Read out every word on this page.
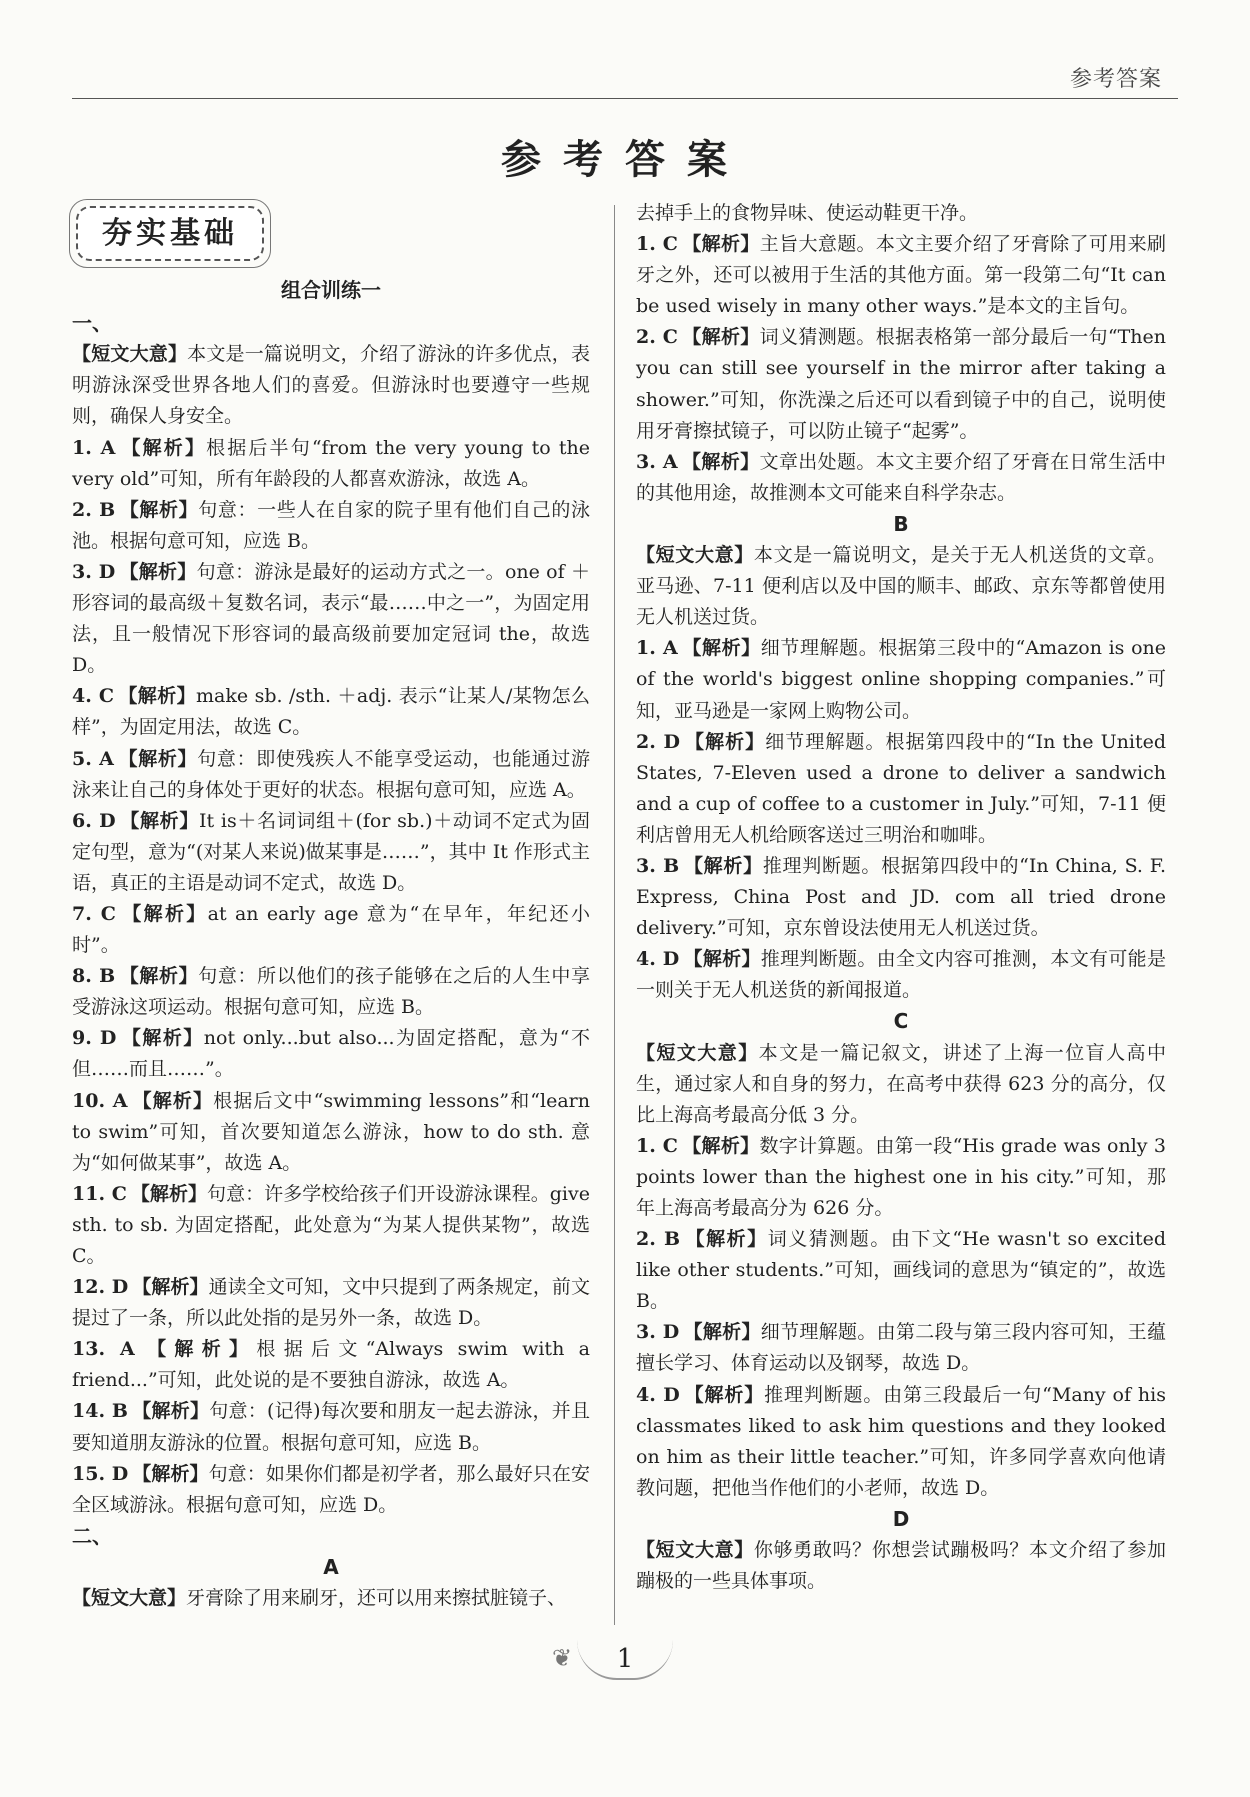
参考答案
参考答案
夯实基础
组合训练一
一、

【短文大意】本文是一篇说明文，介绍了游泳的许多优点，表明游泳深受世界各地人们的喜爱。但游泳时也要遵守一些规则，确保人身安全。

1. A 【解析】根据后半句“from the very young to the very old”可知，所有年龄段的人都喜欢游泳，故选 A。

2. B 【解析】句意：一些人在自家的院子里有他们自己的泳池。根据句意可知，应选 B。

3. D 【解析】句意：游泳是最好的运动方式之一。one of ＋形容词的最高级＋复数名词，表示“最……中之一”，为固定用法，且一般情况下形容词的最高级前要加定冠词 the，故选 D。

4. C 【解析】make sb. /sth. ＋adj. 表示“让某人/某物怎么样”，为固定用法，故选 C。

5. A 【解析】句意：即使残疾人不能享受运动，也能通过游泳来让自己的身体处于更好的状态。根据句意可知，应选 A。

6. D 【解析】It is＋名词词组＋(for sb.)＋动词不定式为固定句型，意为“(对某人来说)做某事是……”，其中 It 作形式主语，真正的主语是动词不定式，故选 D。

7. C 【解析】at an early age 意为“在早年，年纪还小时”。

8. B 【解析】句意：所以他们的孩子能够在之后的人生中享受游泳这项运动。根据句意可知，应选 B。

9. D 【解析】not only...but also...为固定搭配，意为“不但……而且……”。

10. A 【解析】根据后文中“swimming lessons”和“learn to swim”可知，首次要知道怎么游泳，how to do sth. 意为“如何做某事”，故选 A。

11. C 【解析】句意：许多学校给孩子们开设游泳课程。give sth. to sb. 为固定搭配，此处意为“为某人提供某物”，故选 C。

12. D 【解析】通读全文可知，文中只提到了两条规定，前文提过了一条，所以此处指的是另外一条，故选 D。

13. A 【解析】根据后文“Always swim with a friend...”可知，此处说的是不要独自游泳，故选 A。

14. B 【解析】句意：(记得)每次要和朋友一起去游泳，并且要知道朋友游泳的位置。根据句意可知，应选 B。

15. D 【解析】句意：如果你们都是初学者，那么最好只在安全区域游泳。根据句意可知，应选 D。

二、
A

【短文大意】牙膏除了用来刷牙，还可以用来擦拭脏镜子、

去掉手上的食物异味、使运动鞋更干净。

1. C 【解析】主旨大意题。本文主要介绍了牙膏除了可用来刷牙之外，还可以被用于生活的其他方面。第一段第二句“It can be used wisely in many other ways.”是本文的主旨句。

2. C 【解析】词义猜测题。根据表格第一部分最后一句“Then you can still see yourself in the mirror after taking a shower.”可知，你洗澡之后还可以看到镜子中的自己，说明使用牙膏擦拭镜子，可以防止镜子“起雾”。

3. A 【解析】文章出处题。本文主要介绍了牙膏在日常生活中的其他用途，故推测本文可能来自科学杂志。

B

【短文大意】本文是一篇说明文，是关于无人机送货的文章。亚马逊、7-11 便利店以及中国的顺丰、邮政、京东等都曾使用无人机送过货。

1. A 【解析】细节理解题。根据第三段中的“Amazon is one of the world's biggest online shopping companies.”可知，亚马逊是一家网上购物公司。

2. D 【解析】细节理解题。根据第四段中的“In the United States, 7-Eleven used a drone to deliver a sandwich and a cup of coffee to a customer in July.”可知，7-11 便利店曾用无人机给顾客送过三明治和咖啡。

3. B 【解析】推理判断题。根据第四段中的“In China, S. F. Express, China Post and JD. com all tried drone delivery.”可知，京东曾设法使用无人机送过货。

4. D 【解析】推理判断题。由全文内容可推测，本文有可能是一则关于无人机送货的新闻报道。

C

【短文大意】本文是一篇记叙文，讲述了上海一位盲人高中生，通过家人和自身的努力，在高考中获得 623 分的高分，仅比上海高考最高分低 3 分。

1. C 【解析】数字计算题。由第一段“His grade was only 3 points lower than the highest one in his city.”可知，那年上海高考最高分为 626 分。

2. B 【解析】词义猜测题。由下文“He wasn't so excited like other students.”可知，画线词的意思为“镇定的”，故选 B。

3. D 【解析】细节理解题。由第二段与第三段内容可知，王蕴擅长学习、体育运动以及钢琴，故选 D。

4. D 【解析】推理判断题。由第三段最后一句“Many of his classmates liked to ask him questions and they looked on him as their little teacher.”可知，许多同学喜欢向他请教问题，把他当作他们的小老师，故选 D。

D

【短文大意】你够勇敢吗？你想尝试蹦极吗？本文介绍了参加蹦极的一些具体事项。

❦	1
